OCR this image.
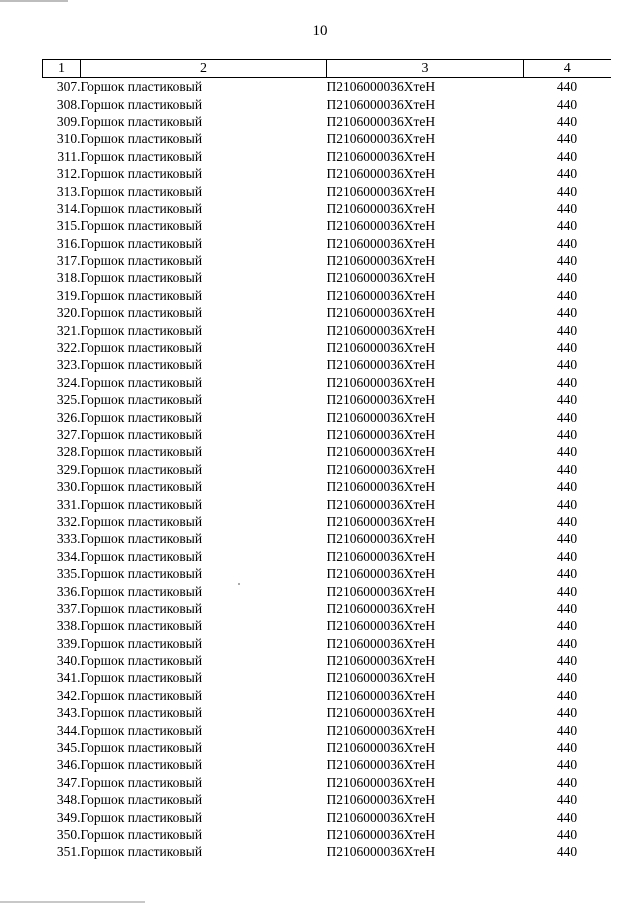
10
1	2	3	4
307.	Горшок пластиковый	П2106000036ХтеН	440
308.	Горшок пластиковый	П2106000036ХтеН	440
309.	Горшок пластиковый	П2106000036ХтеН	440
310.	Горшок пластиковый	П2106000036ХтеН	440
311.	Горшок пластиковый	П2106000036ХтеН	440
312.	Горшок пластиковый	П2106000036ХтеН	440
313.	Горшок пластиковый	П2106000036ХтеН	440
314.	Горшок пластиковый	П2106000036ХтеН	440
315.	Горшок пластиковый	П2106000036ХтеН	440
316.	Горшок пластиковый	П2106000036ХтеН	440
317.	Горшок пластиковый	П2106000036ХтеН	440
318.	Горшок пластиковый	П2106000036ХтеН	440
319.	Горшок пластиковый	П2106000036ХтеН	440
320.	Горшок пластиковый	П2106000036ХтеН	440
321.	Горшок пластиковый	П2106000036ХтеН	440
322.	Горшок пластиковый	П2106000036ХтеН	440
323.	Горшок пластиковый	П2106000036ХтеН	440
324.	Горшок пластиковый	П2106000036ХтеН	440
325.	Горшок пластиковый	П2106000036ХтеН	440
326.	Горшок пластиковый	П2106000036ХтеН	440
327.	Горшок пластиковый	П2106000036ХтеН	440
328.	Горшок пластиковый	П2106000036ХтеН	440
329.	Горшок пластиковый	П2106000036ХтеН	440
330.	Горшок пластиковый	П2106000036ХтеН	440
331.	Горшок пластиковый	П2106000036ХтеН	440
332.	Горшок пластиковый	П2106000036ХтеН	440
333.	Горшок пластиковый	П2106000036ХтеН	440
334.	Горшок пластиковый	П2106000036ХтеН	440
335.	Горшок пластиковый	П2106000036ХтеН	440
336.	Горшок пластиковый	П2106000036ХтеН	440
337.	Горшок пластиковый	П2106000036ХтеН	440
338.	Горшок пластиковый	П2106000036ХтеН	440
339.	Горшок пластиковый	П2106000036ХтеН	440
340.	Горшок пластиковый	П2106000036ХтеН	440
341.	Горшок пластиковый	П2106000036ХтеН	440
342.	Горшок пластиковый	П2106000036ХтеН	440
343.	Горшок пластиковый	П2106000036ХтеН	440
344.	Горшок пластиковый	П2106000036ХтеН	440
345.	Горшок пластиковый	П2106000036ХтеН	440
346.	Горшок пластиковый	П2106000036ХтеН	440
347.	Горшок пластиковый	П2106000036ХтеН	440
348.	Горшок пластиковый	П2106000036ХтеН	440
349.	Горшок пластиковый	П2106000036ХтеН	440
350.	Горшок пластиковый	П2106000036ХтеН	440
351.	Горшок пластиковый	П2106000036ХтеН	440
